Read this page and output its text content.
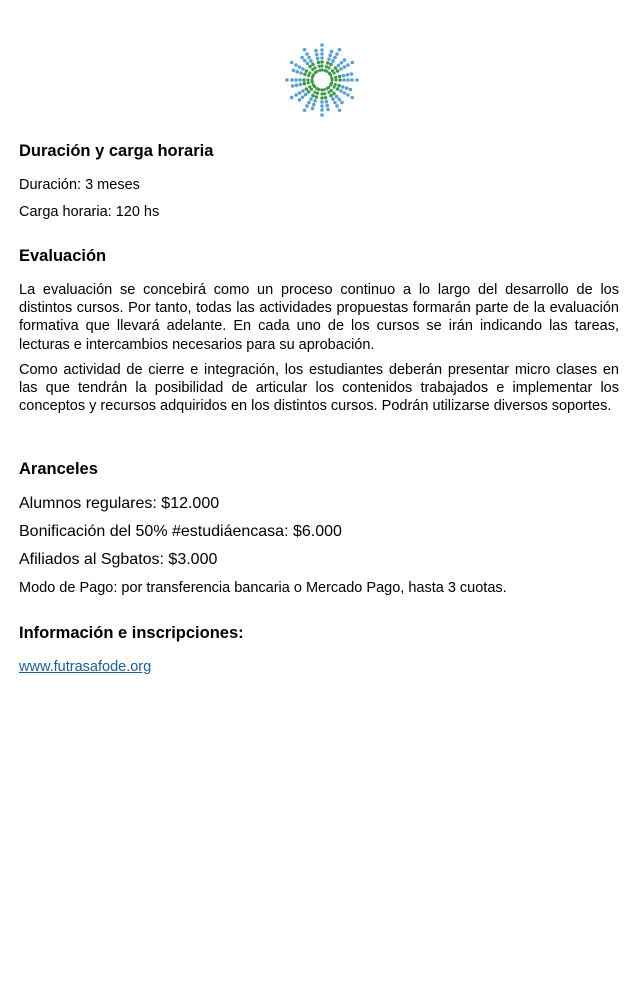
Duración y carga horaria
Duración: 3 meses
Carga horaria: 120 hs
Evaluación

La evaluación se concebirá como un proceso continuo a lo largo del desarrollo de los distintos cursos. Por tanto, todas las actividades propuestas formarán parte de la evaluación formativa que llevará adelante. En cada uno de los cursos se irán indicando las tareas, lecturas e intercambios necesarios para su aprobación.

Como actividad de cierre e integración, los estudiantes deberán presentar micro clases en las que tendrán la posibilidad de articular los contenidos trabajados e implementar los conceptos y recursos adquiridos en los distintos cursos. Podrán utilizarse diversos soportes.

Aranceles
Alumnos regulares: $12.000
Bonificación del 50% #estudiáencasa: $6.000
Afiliados al Sgbatos: $3.000
Modo de Pago: por transferencia bancaria o Mercado Pago, hasta 3 cuotas.
Información e inscripciones:
www.futrasafode.org
